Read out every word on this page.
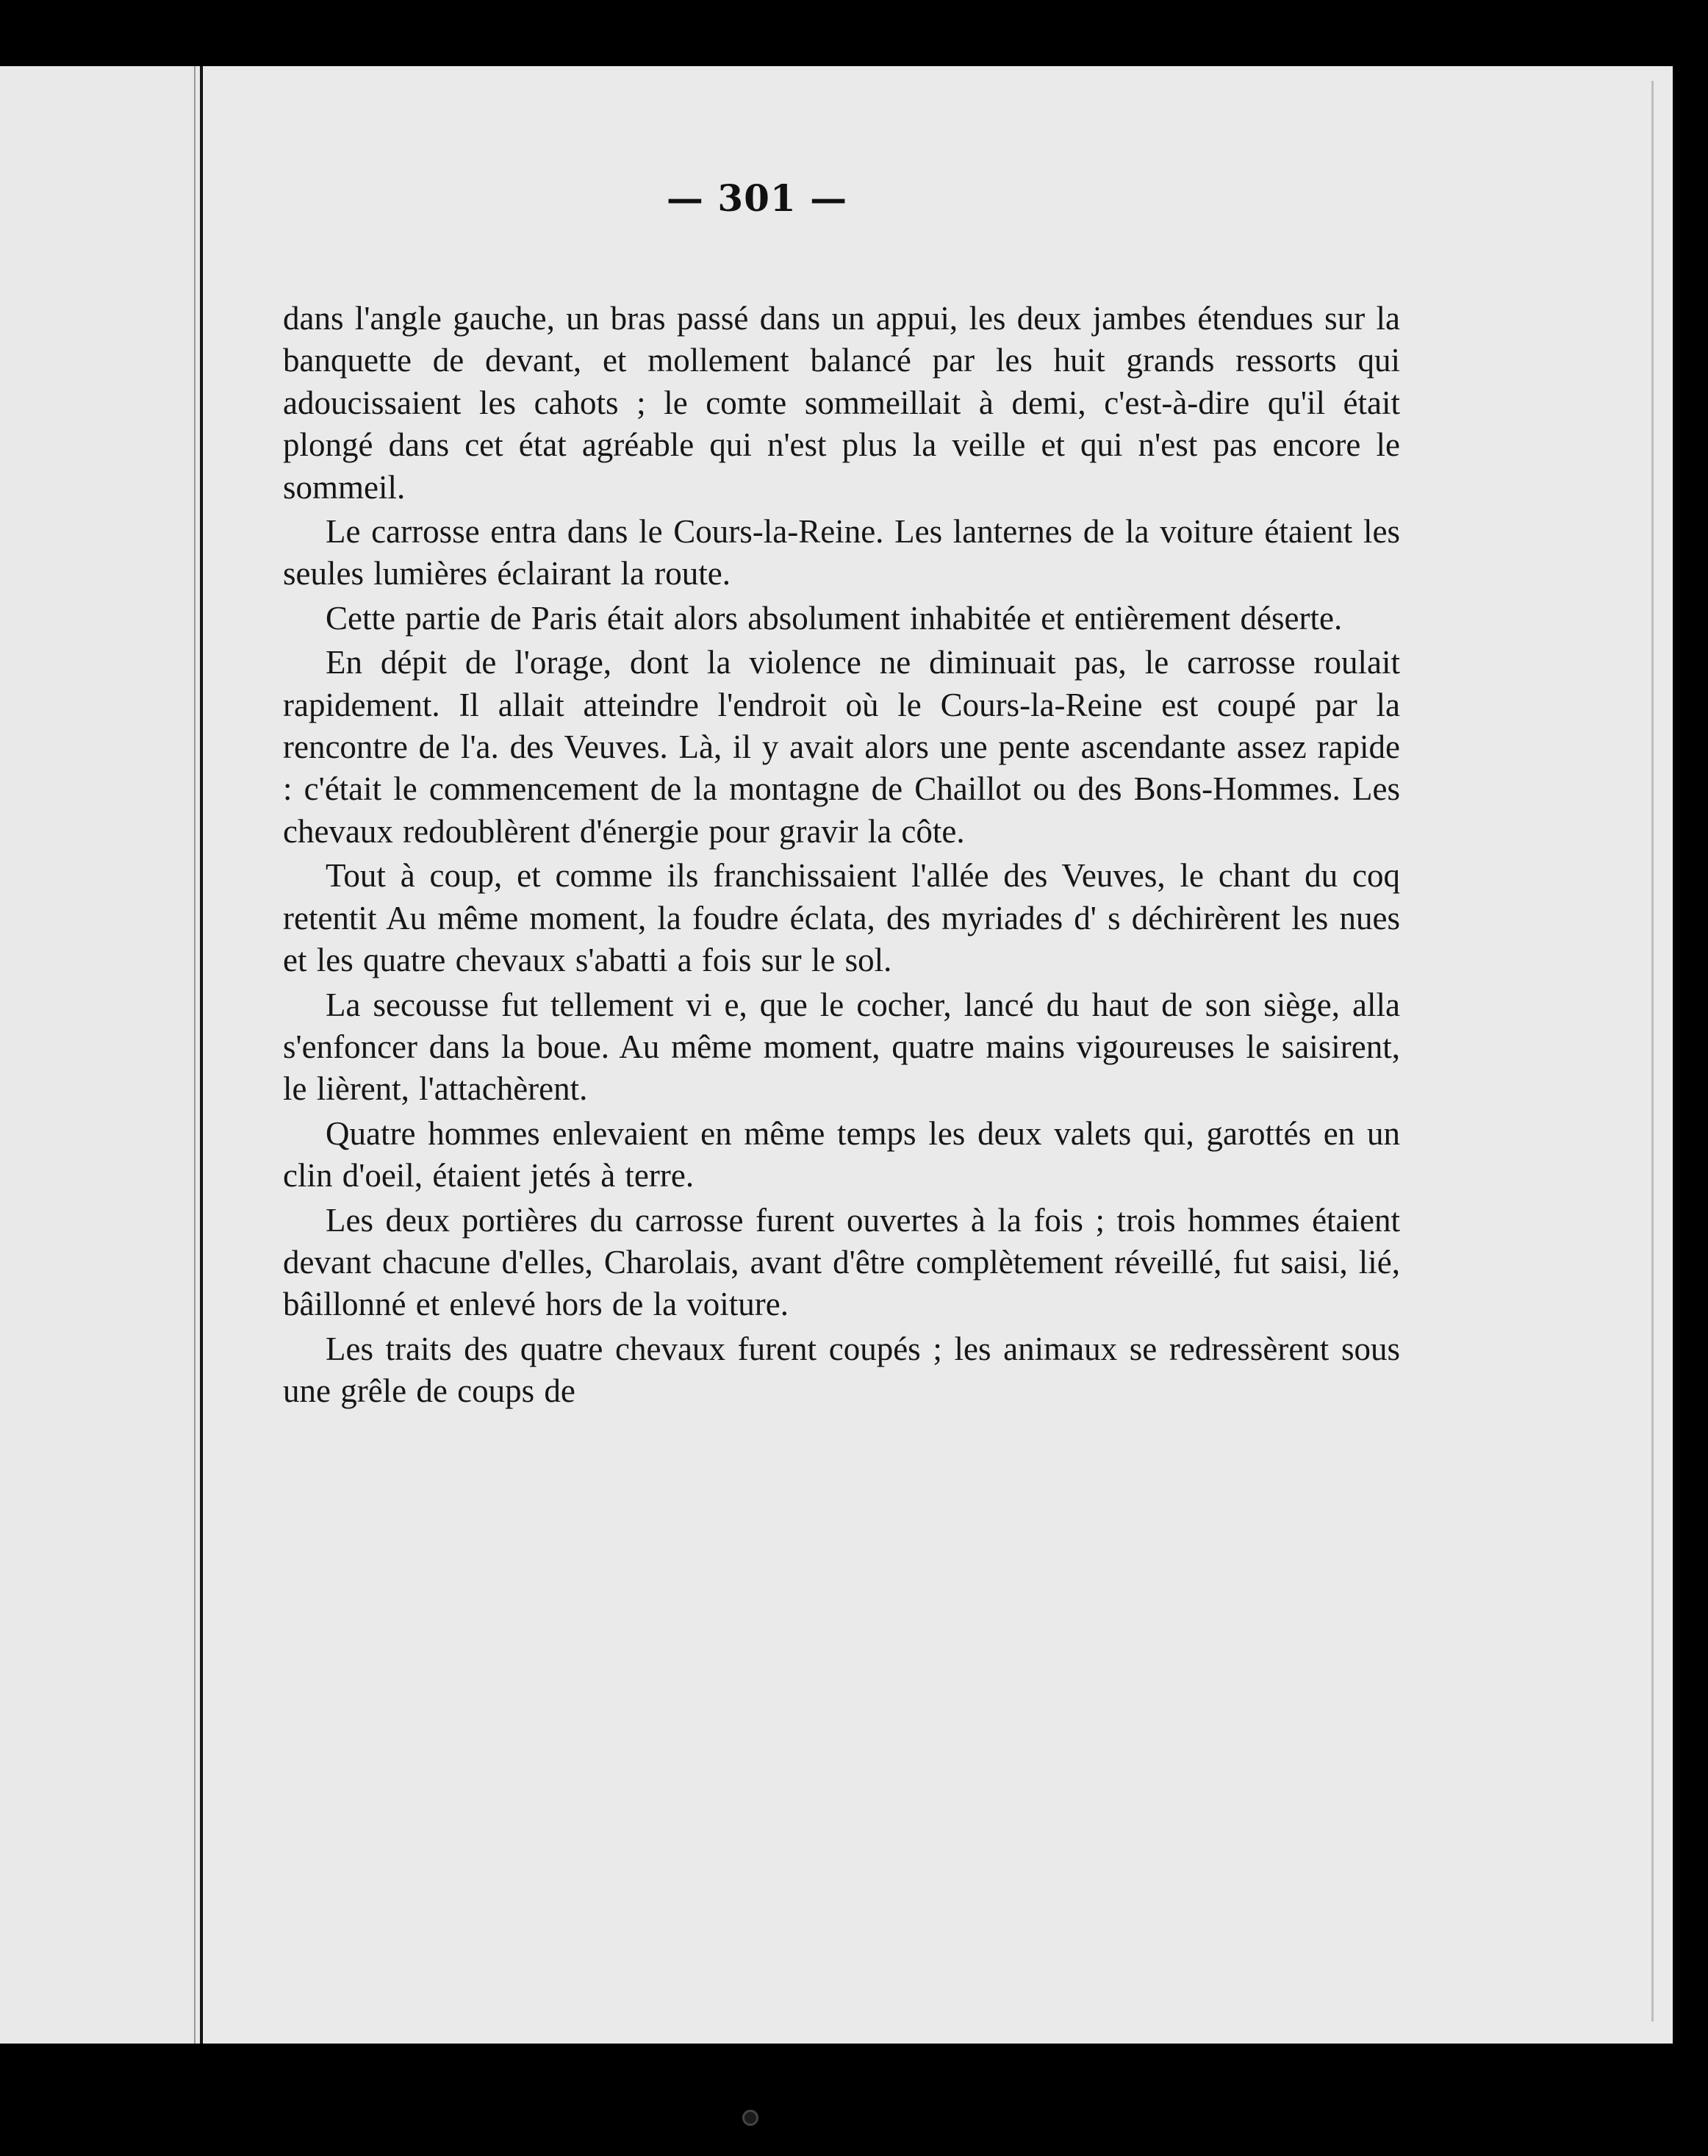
— 301 —

dans l'angle gauche, un bras passé dans un appui, les deux jambes étendues sur la banquette de devant, et mollement balancé par les huit grands ressorts qui adoucissaient les cahots ; le comte sommeillait à demi, c'est-à-dire qu'il était plongé dans cet état agréable qui n'est plus la veille et qui n'est pas encore le sommeil.

Le carrosse entra dans le Cours-la-Reine. Les lanternes de la voiture étaient les seules lumières éclairant la route.

Cette partie de Paris était alors absolument inhabitée et entièrement déserte.

En dépit de l'orage, dont la violence ne diminuait pas, le carrosse roulait rapidement. Il allait atteindre l'endroit où le Cours-la-Reine est coupé par la rencontre de l'a. des Veuves. Là, il y avait alors une pente ascendante assez rapide : c'était le commencement de la montagne de Chaillot ou des Bons-Hommes. Les chevaux redoublèrent d'énergie pour gravir la côte.

Tout à coup, et comme ils franchissaient l'allée des Veuves, le chant du coq retentit Au même moment, la foudre éclata, des myriades d' s déchirèrent les nues et les quatre chevaux s'abatti a fois sur le sol.

La secousse fut tellement vi e, que le cocher, lancé du haut de son siège, alla s'enfoncer dans la boue. Au même moment, quatre mains vigoureuses le saisirent, le lièrent, l'attachèrent.

Quatre hommes enlevaient en même temps les deux valets qui, garottés en un clin d'oeil, étaient jetés à terre.

Les deux portières du carrosse furent ouvertes à la fois ; trois hommes étaient devant chacune d'elles, Charolais, avant d'être complètement réveillé, fut saisi, lié, bâillonné et enlevé hors de la voiture.

Les traits des quatre chevaux furent coupés ; les animaux se redressèrent sous une grêle de coups de
